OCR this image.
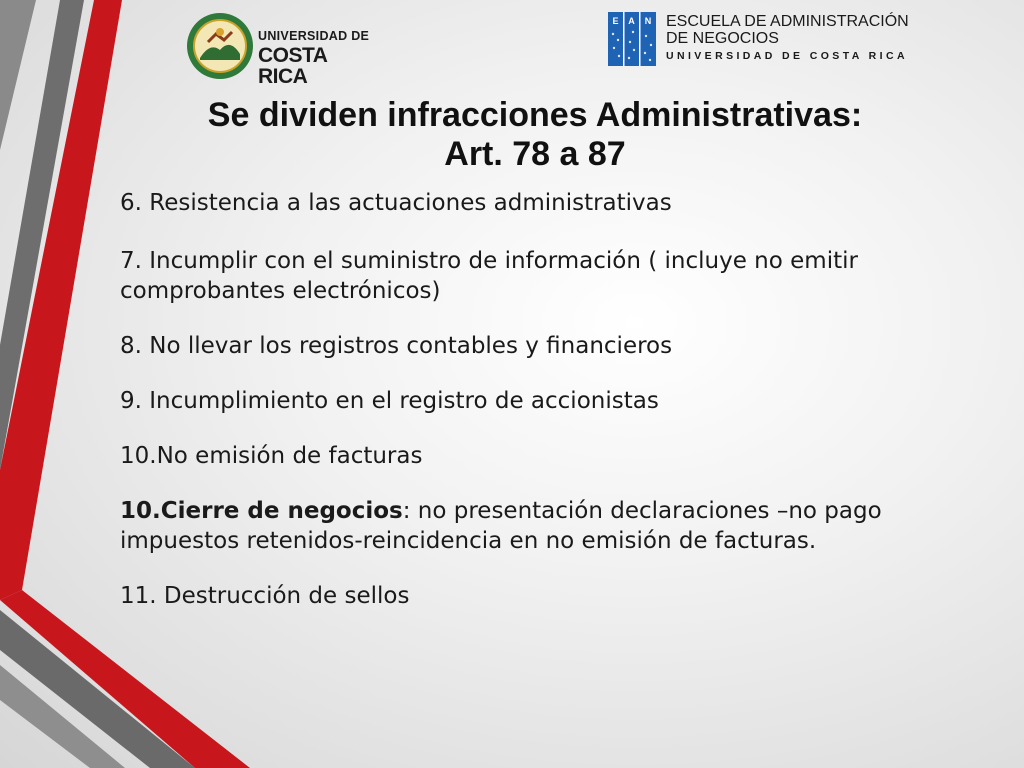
UNIVERSIDAD DE
COSTA RICA
E A N ESCUELA DE ADMINISTRACIÓN
DE NEGOCIOS
UNIVERSIDAD DE COSTA RICA
Se dividen infracciones Administrativas:
Art. 78 a 87
6. Resistencia a las actuaciones administrativas
7. Incumplir con el suministro de información ( incluye no emitir comprobantes electrónicos)
8. No llevar los registros contables y financieros
9. Incumplimiento en el registro de accionistas
10.No emisión de facturas
10.Cierre de negocios: no presentación declaraciones –no pago impuestos retenidos-reincidencia en no emisión de facturas.
11. Destrucción de sellos
